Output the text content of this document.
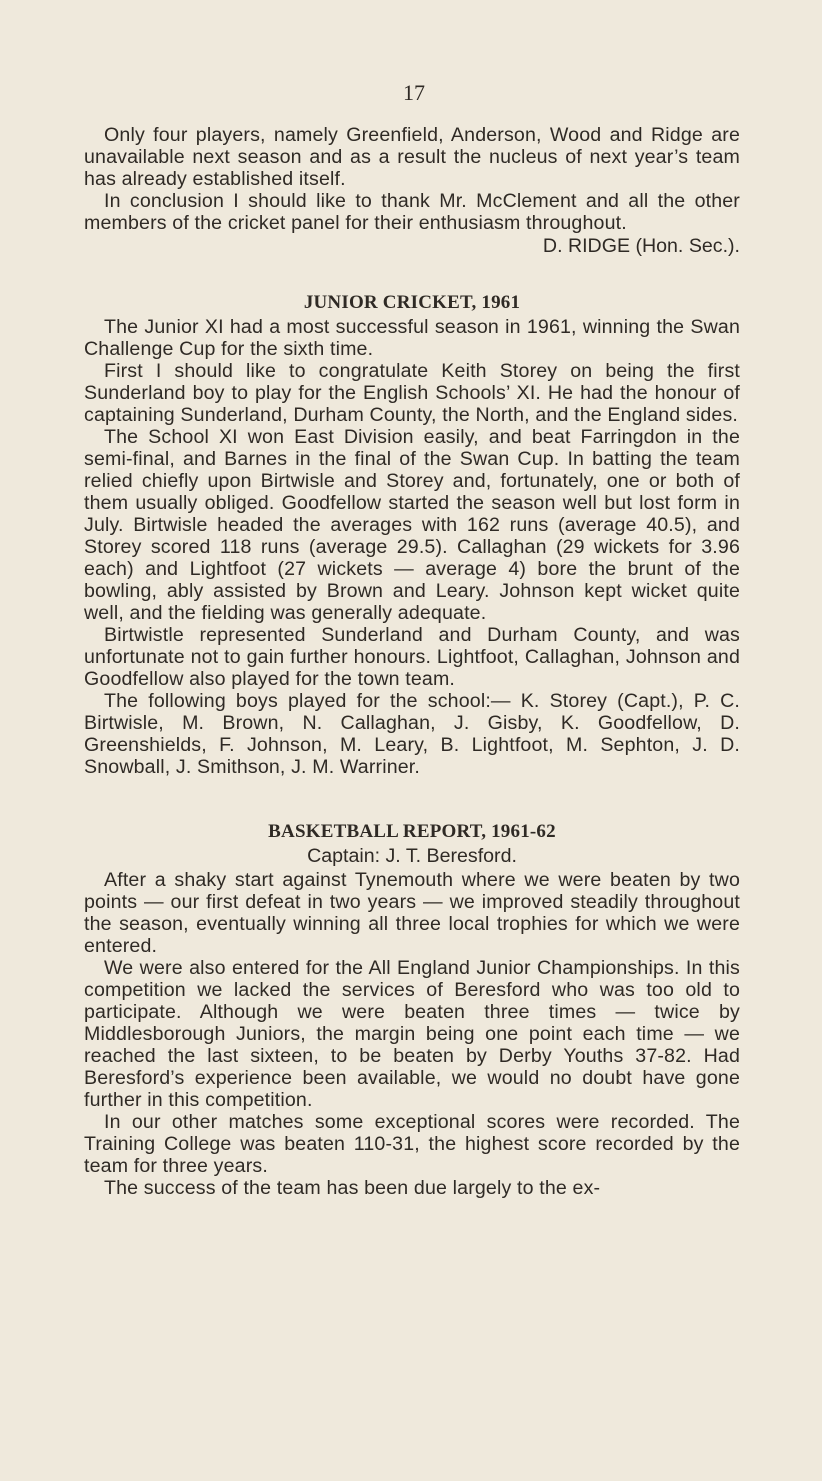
17

Only four players, namely Greenfield, Anderson, Wood and Ridge are unavailable next season and as a result the nucleus of next year’s team has already established itself.

In conclusion I should like to thank Mr. McClement and all the other members of the cricket panel for their enthusiasm throughout.

D. RIDGE (Hon. Sec.).

JUNIOR CRICKET, 1961

The Junior XI had a most successful season in 1961, winning the Swan Challenge Cup for the sixth time.

First I should like to congratulate Keith Storey on being the first Sunderland boy to play for the English Schools’ XI. He had the honour of captaining Sunderland, Durham County, the North, and the England sides.

The School XI won East Division easily, and beat Farringdon in the semi-final, and Barnes in the final of the Swan Cup. In batting the team relied chiefly upon Birtwisle and Storey and, fortunately, one or both of them usually obliged. Goodfellow started the season well but lost form in July. Birtwisle headed the averages with 162 runs (average 40.5), and Storey scored 118 runs (average 29.5). Callaghan (29 wickets for 3.96 each) and Lightfoot (27 wickets — average 4) bore the brunt of the bowling, ably assisted by Brown and Leary. Johnson kept wicket quite well, and the fielding was generally adequate.

Birtwistle represented Sunderland and Durham County, and was unfortunate not to gain further honours. Lightfoot, Callaghan, Johnson and Goodfellow also played for the town team.

The following boys played for the school:— K. Storey (Capt.), P. C. Birtwisle, M. Brown, N. Callaghan, J. Gisby, K. Goodfellow, D. Greenshields, F. Johnson, M. Leary, B. Lightfoot, M. Sephton, J. D. Snowball, J. Smithson, J. M. Warriner.

BASKETBALL REPORT, 1961-62

Captain: J. T. Beresford.

After a shaky start against Tynemouth where we were beaten by two points — our first defeat in two years — we improved steadily throughout the season, eventually winning all three local trophies for which we were entered.

We were also entered for the All England Junior Championships. In this competition we lacked the services of Beresford who was too old to participate. Although we were beaten three times — twice by Middlesborough Juniors, the margin being one point each time — we reached the last sixteen, to be beaten by Derby Youths 37-82. Had Beresford’s experience been available, we would no doubt have gone further in this competition.

In our other matches some exceptional scores were recorded. The Training College was beaten 110-31, the highest score recorded by the team for three years.

The success of the team has been due largely to the ex-
